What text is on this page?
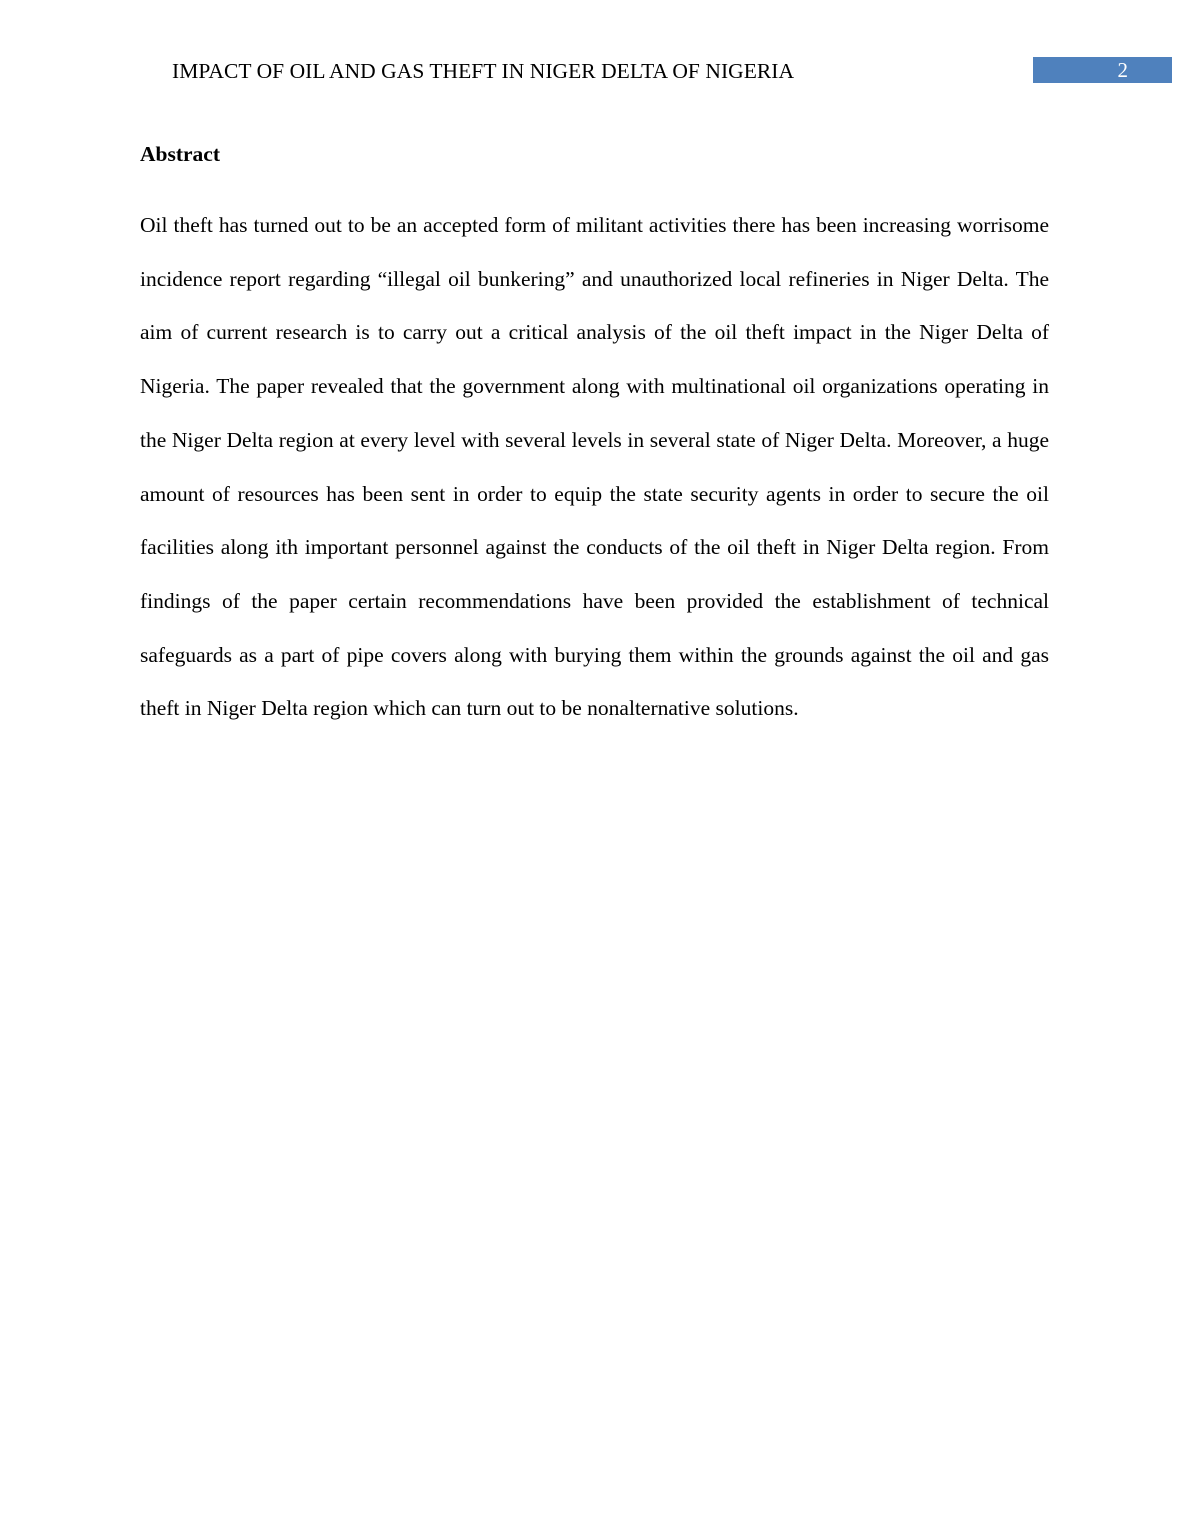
IMPACT OF OIL AND GAS THEFT IN NIGER DELTA OF NIGERIA	2
Abstract

Oil theft has turned out to be an accepted form of militant activities there has been increasing worrisome incidence report regarding “illegal oil bunkering” and unauthorized local refineries in Niger Delta. The aim of current research is to carry out a critical analysis of the oil theft impact in the Niger Delta of Nigeria. The paper revealed that the government along with multinational oil organizations operating in the Niger Delta region at every level with several levels in several state of Niger Delta. Moreover, a huge amount of resources has been sent in order to equip the state security agents in order to secure the oil facilities along ith important personnel against the conducts of the oil theft in Niger Delta region. From findings of the paper certain recommendations have been provided the establishment of technical safeguards as a part of pipe covers along with burying them within the grounds against the oil and gas theft in Niger Delta region which can turn out to be nonalternative solutions.
